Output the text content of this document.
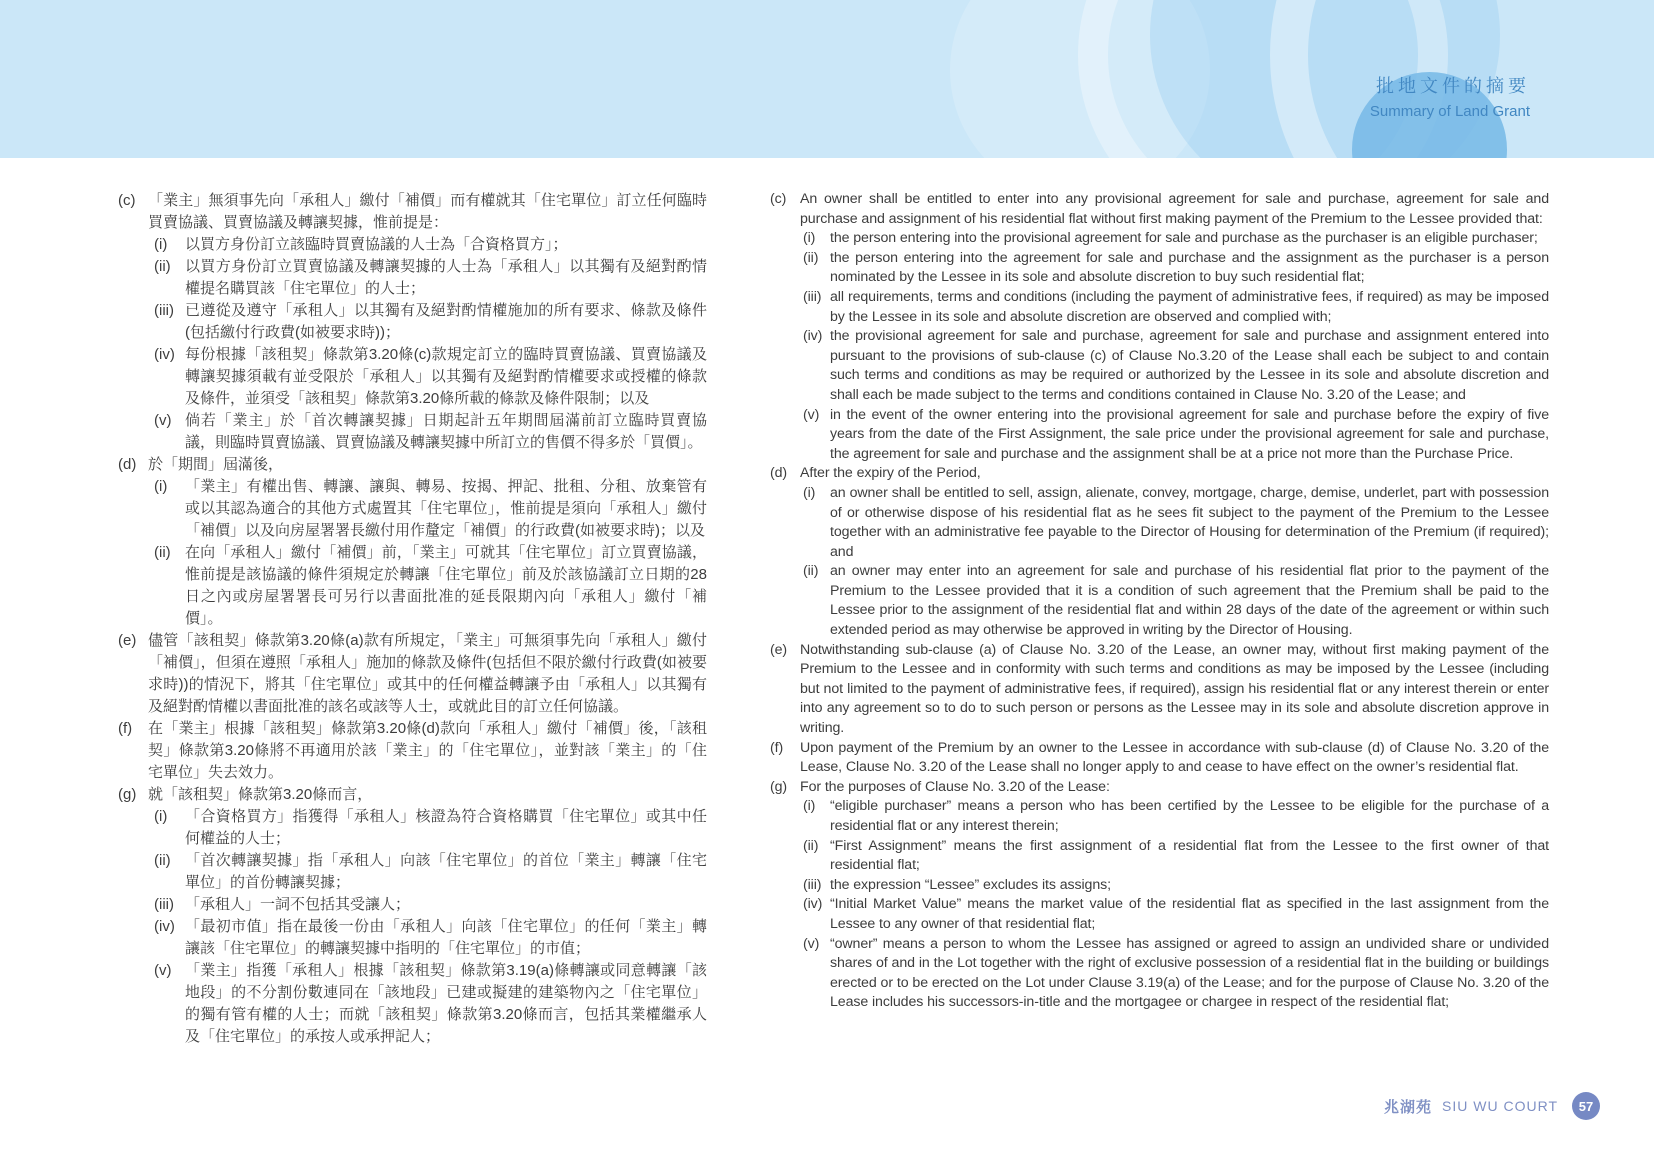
批地文件的摘要
Summary of Land Grant
(c) 「業主」無須事先向「承租人」繳付「補價」而有權就其「住宅單位」訂立任何臨時買賣協議、買賣協議及轉讓契據，惟前提是：
(i)	以買方身份訂立該臨時買賣協議的人士為「合資格買方」；
(ii) 以買方身份訂立買賣協議及轉讓契據的人士為「承租人」以其獨有及絕對酌情權提名購買該「住宅單位」的人士；
(iii) 已遵從及遵守「承租人」以其獨有及絕對酌情權施加的所有要求、條款及條件(包括繳付行政費(如被要求時))；
(iv) 每份根據「該租契」條款第3.20條(c)款規定訂立的臨時買賣協議、買賣協議及轉讓契據須載有並受限於「承租人」以其獨有及絕對酌情權要求或授權的條款及條件，並須受「該租契」條款第3.20條所載的條款及條件限制；以及
(v) 倘若「業主」於「首次轉讓契據」日期起計五年期間屆滿前訂立臨時買賣協議，則臨時買賣協議、買賣協議及轉讓契據中所訂立的售價不得多於「買價」。
(d) 於「期間」屆滿後，
(i)	「業主」有權出售、轉讓、讓與、轉易、按揭、押記、批租、分租、放棄管有或以其認為適合的其他方式處置其「住宅單位」，惟前提是須向「承租人」繳付「補價」以及向房屋署署長繳付用作釐定「補價」的行政費(如被要求時)；以及
(ii) 在向「承租人」繳付「補價」前，「業主」可就其「住宅單位」訂立買賣協議，惟前提是該協議的條件須規定於轉讓「住宅單位」前及於該協議訂立日期的28日之內或房屋署署長可另行以書面批准的延長限期內向「承租人」繳付「補價」。
(e) 儘管「該租契」條款第3.20條(a)款有所規定，「業主」可無須事先向「承租人」繳付「補價」，但須在遵照「承租人」施加的條款及條件(包括但不限於繳付行政費(如被要求時))的情況下，將其「住宅單位」或其中的任何權益轉讓予由「承租人」以其獨有及絕對酌情權以書面批准的該名或該等人士，或就此目的訂立任何協議。
(f)	在「業主」根據「該租契」條款第3.20條(d)款向「承租人」繳付「補價」後，「該租契」條款第3.20條將不再適用於該「業主」的「住宅單位」，並對該「業主」的「住宅單位」失去效力。
(g) 就「該租契」條款第3.20條而言，
(i)	「合資格買方」指獲得「承租人」核證為符合資格購買「住宅單位」或其中任何權益的人士；
(ii) 「首次轉讓契據」指「承租人」向該「住宅單位」的首位「業主」轉讓「住宅單位」的首份轉讓契據；
(iii) 「承租人」一詞不包括其受讓人；
(iv) 「最初市值」指在最後一份由「承租人」向該「住宅單位」的任何「業主」轉讓該「住宅單位」的轉讓契據中指明的「住宅單位」的市值；
(v) 「業主」指獲「承租人」根據「該租契」條款第3.19(a)條轉讓或同意轉讓「該地段」的不分割份數連同在「該地段」已建或擬建的建築物內之「住宅單位」的獨有管有權的人士；而就「該租契」條款第3.20條而言，包括其業權繼承人及「住宅單位」的承按人或承押記人；
(c) An owner shall be entitled to enter into any provisional agreement for sale and purchase, agreement for sale and purchase and assignment of his residential flat without first making payment of the Premium to the Lessee provided that:
(i)	the person entering into the provisional agreement for sale and purchase as the purchaser is an eligible purchaser;
(ii) the person entering into the agreement for sale and purchase and the assignment as the purchaser is a person nominated by the Lessee in its sole and absolute discretion to buy such residential flat;
(iii) all requirements, terms and conditions (including the payment of administrative fees, if required) as may be imposed by the Lessee in its sole and absolute discretion are observed and complied with;
(iv) the provisional agreement for sale and purchase, agreement for sale and purchase and assignment entered into pursuant to the provisions of sub-clause (c) of Clause No.3.20 of the Lease shall each be subject to and contain such terms and conditions as may be required or authorized by the Lessee in its sole and absolute discretion and shall each be made subject to the terms and conditions contained in Clause No. 3.20 of the Lease; and
(v) in the event of the owner entering into the provisional agreement for sale and purchase before the expiry of five years from the date of the First Assignment, the sale price under the provisional agreement for sale and purchase, the agreement for sale and purchase and the assignment shall be at a price not more than the Purchase Price.
(d) After the expiry of the Period,
(i)	an owner shall be entitled to sell, assign, alienate, convey, mortgage, charge, demise, underlet, part with possession of or otherwise dispose of his residential flat as he sees fit subject to the payment of the Premium to the Lessee together with an administrative fee payable to the Director of Housing for determination of the Premium (if required); and
(ii) an owner may enter into an agreement for sale and purchase of his residential flat prior to the payment of the Premium to the Lessee provided that it is a condition of such agreement that the Premium shall be paid to the Lessee prior to the assignment of the residential flat and within 28 days of the date of the agreement or within such extended period as may otherwise be approved in writing by the Director of Housing.
(e) Notwithstanding sub-clause (a) of Clause No. 3.20 of the Lease, an owner may, without first making payment of the Premium to the Lessee and in conformity with such terms and conditions as may be imposed by the Lessee (including but not limited to the payment of administrative fees, if required), assign his residential flat or any interest therein or enter into any agreement so to do to such person or persons as the Lessee may in its sole and absolute discretion approve in writing.
(f)	Upon payment of the Premium by an owner to the Lessee in accordance with sub-clause (d) of Clause No. 3.20 of the Lease, Clause No. 3.20 of the Lease shall no longer apply to and cease to have effect on the owner’s residential flat.
(g) For the purposes of Clause No. 3.20 of the Lease:
(i)	“eligible purchaser” means a person who has been certified by the Lessee to be eligible for the purchase of a residential flat or any interest therein;
(ii) “First Assignment” means the first assignment of a residential flat from the Lessee to the first owner of that residential flat;
(iii) the expression “Lessee” excludes its assigns;
(iv) “Initial Market Value” means the market value of the residential flat as specified in the last assignment from the Lessee to any owner of that residential flat;
(v) “owner” means a person to whom the Lessee has assigned or agreed to assign an undivided share or undivided shares of and in the Lot together with the right of exclusive possession of a residential flat in the building or buildings erected or to be erected on the Lot under Clause 3.19(a) of the Lease; and for the purpose of Clause No. 3.20 of the Lease includes his successors-in-title and the mortgagee or chargee in respect of the residential flat;
兆湖苑 SIU WU COURT	57
